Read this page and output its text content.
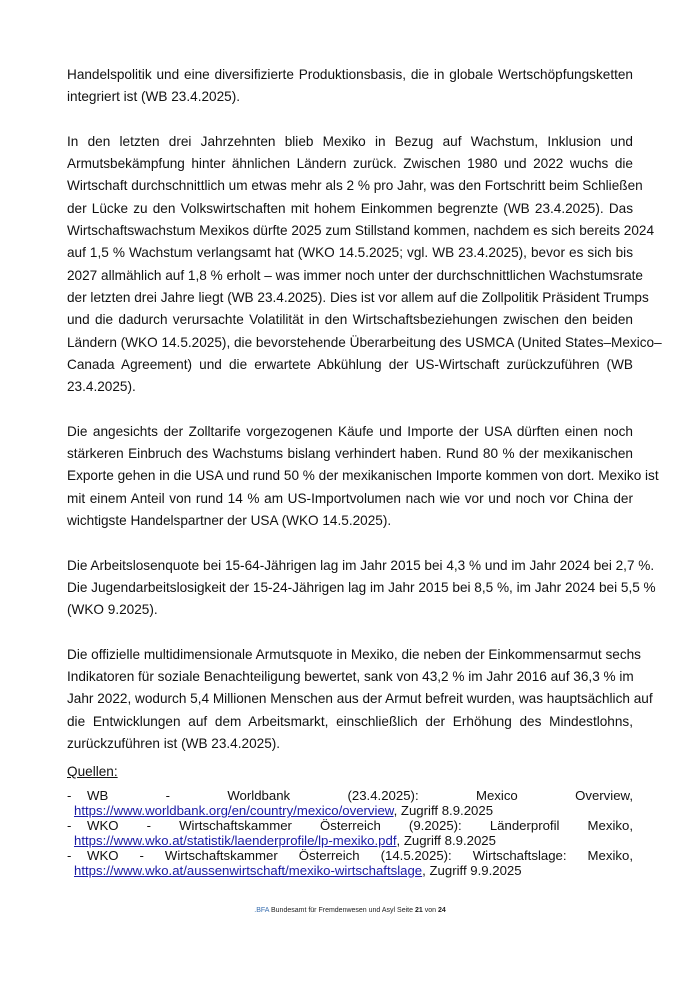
Handelspolitik und eine diversifizierte Produktionsbasis, die in globale Wertschöpfungsketten
integriert ist (WB 23.4.2025).
In den letzten drei Jahrzehnten blieb Mexiko in Bezug auf Wachstum, Inklusion und
Armutsbekämpfung hinter ähnlichen Ländern zurück. Zwischen 1980 und 2022 wuchs die
Wirtschaft durchschnittlich um etwas mehr als 2 % pro Jahr, was den Fortschritt beim Schließen
der Lücke zu den Volkswirtschaften mit hohem Einkommen begrenzte (WB 23.4.2025). Das
Wirtschaftswachstum Mexikos dürfte 2025 zum Stillstand kommen, nachdem es sich bereits 2024
auf 1,5 % Wachstum verlangsamt hat (WKO 14.5.2025; vgl. WB 23.4.2025), bevor es sich bis
2027 allmählich auf 1,8 % erholt – was immer noch unter der durchschnittlichen Wachstumsrate
der letzten drei Jahre liegt (WB 23.4.2025). Dies ist vor allem auf die Zollpolitik Präsident Trumps
und die dadurch verursachte Volatilität in den Wirtschaftsbeziehungen zwischen den beiden
Ländern (WKO 14.5.2025), die bevorstehende Überarbeitung des USMCA (United States–Mexico–
Canada Agreement) und die erwartete Abkühlung der US-Wirtschaft zurückzuführen (WB
23.4.2025).
Die angesichts der Zolltarife vorgezogenen Käufe und Importe der USA dürften einen noch
stärkeren Einbruch des Wachstums bislang verhindert haben. Rund 80 % der mexikanischen
Exporte gehen in die USA und rund 50 % der mexikanischen Importe kommen von dort. Mexiko ist
mit einem Anteil von rund 14 % am US-Importvolumen nach wie vor und noch vor China der
wichtigste Handelspartner der USA (WKO 14.5.2025).
Die Arbeitslosenquote bei 15-64-Jährigen lag im Jahr 2015 bei 4,3 % und im Jahr 2024 bei 2,7 %.
Die Jugendarbeitslosigkeit der 15-24-Jährigen lag im Jahr 2015 bei 8,5 %, im Jahr 2024 bei 5,5 %
(WKO 9.2025).
Die offizielle multidimensionale Armutsquote in Mexiko, die neben der Einkommensarmut sechs
Indikatoren für soziale Benachteiligung bewertet, sank von 43,2 % im Jahr 2016 auf 36,3 % im
Jahr 2022, wodurch 5,4 Millionen Menschen aus der Armut befreit wurden, was hauptsächlich auf
die Entwicklungen auf dem Arbeitsmarkt, einschließlich der Erhöhung des Mindestlohns,
zurückzuführen ist (WB 23.4.2025).
Quellen:
-	WB - Worldbank (23.4.2025): Mexico Overview,
https://www.worldbank.org/en/country/mexico/overview, Zugriff 8.9.2025
-	WKO - Wirtschaftskammer Österreich (9.2025): Länderprofil Mexiko,
https://www.wko.at/statistik/laenderprofile/lp-mexiko.pdf, Zugriff 8.9.2025
-	WKO - Wirtschaftskammer Österreich (14.5.2025): Wirtschaftslage: Mexiko,
https://www.wko.at/aussenwirtschaft/mexiko-wirtschaftslage, Zugriff 9.9.2025
.BFA Bundesamt für Fremdenwesen und Asyl Seite 21 von 24
